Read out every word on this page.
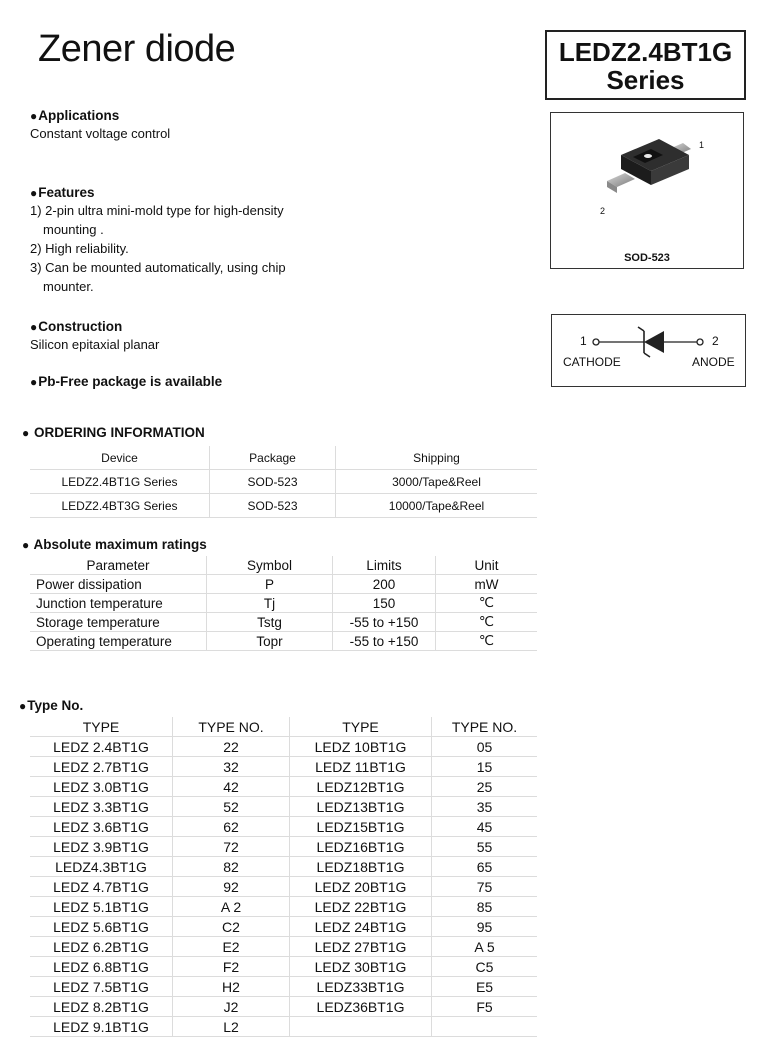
Zener diode	LEDZ2.4BT1G
Series
1
2
SOD-523
1	2
CATHODE	ANODE
●Applications
Constant voltage control
●Features
1) 2-pin ultra mini-mold type for high-density
mounting .
2) High reliability.
3) Can be mounted automatically, using chip
mounter.
●Construction
Silicon epitaxial planar
●Pb-Free package is available
● ORDERING INFORMATION
Device	Package	Shipping
LEDZ2.4BT1G Series	SOD-523	3000/Tape&Reel
LEDZ2.4BT3G Series	SOD-523	10000/Tape&Reel
● Absolute maximum ratings
Parameter	Symbol	Limits	Unit
Power dissipation	P	200	mW
Junction temperature	Tj	150	℃
Storage temperature	Tstg	-55 to +150	℃
Operating temperature	Topr	-55 to +150	℃
●Type No.
TYPE	TYPE NO.	TYPE	TYPE NO.
LEDZ 2.4BT1G	22	LEDZ 10BT1G	05
LEDZ 2.7BT1G	32	LEDZ 11BT1G	15
LEDZ 3.0BT1G	42	LEDZ12BT1G	25
LEDZ 3.3BT1G	52	LEDZ13BT1G	35
LEDZ 3.6BT1G	62	LEDZ15BT1G	45
LEDZ 3.9BT1G	72	LEDZ16BT1G	55
LEDZ4.3BT1G	82	LEDZ18BT1G	65
LEDZ 4.7BT1G	92	LEDZ 20BT1G	75
LEDZ 5.1BT1G	A 2	LEDZ 22BT1G	85
LEDZ 5.6BT1G	C2	LEDZ 24BT1G	95
LEDZ 6.2BT1G	E2	LEDZ 27BT1G	A 5
LEDZ 6.8BT1G	F2	LEDZ 30BT1G	C5
LEDZ 7.5BT1G	H2	LEDZ33BT1G	E5
LEDZ 8.2BT1G	J2	LEDZ36BT1G	F5
LEDZ 9.1BT1G	L2		
